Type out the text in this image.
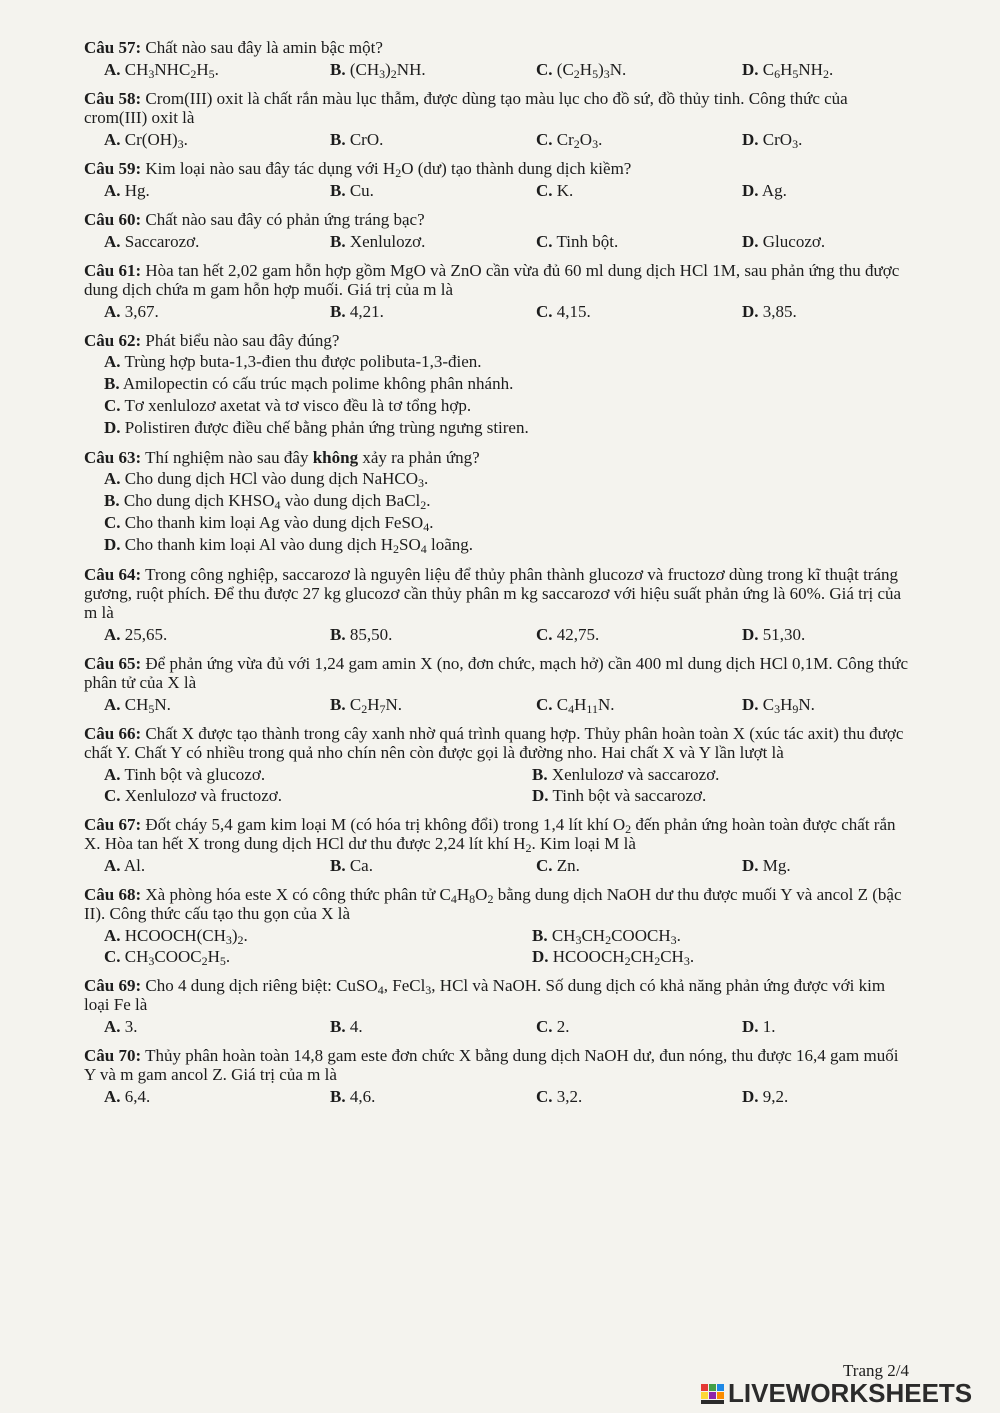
Câu 57: Chất nào sau đây là amin bậc một?

A. $CH_3NHC_2H_5$.	B. $(CH_3)_2NH$.	C. $(C_2H_5)_3N$.	D. $C_6H_5NH_2$.

Câu 58: Crom(III) oxit là chất rắn màu lục thẫm, được dùng tạo màu lục cho đồ sứ, đồ thủy tinh. Công thức của crom(III) oxit là

A. $Cr(OH)_3$.	B. CrO.	C. $Cr_2O_3$.	D. CrO$_3$.

Câu 59: Kim loại nào sau đây tác dụng với $H_2O$ (dư) tạo thành dung dịch kiềm?

A. Hg.	B. Cu.	C. K.	D. Ag.

Câu 60: Chất nào sau đây có phản ứng tráng bạc?

A. Saccarozơ.	B. Xenlulozơ.	C. Tinh bột.	D. Glucozơ.

Câu 61: Hòa tan hết 2,02 gam hỗn hợp gồm MgO và ZnO cần vừa đủ 60 ml dung dịch HCl 1M, sau phản ứng thu được dung dịch chứa m gam hỗn hợp muối. Giá trị của m là

A. 3,67.	B. 4,21.	C. 4,15.	D. 3,85.

Câu 62: Phát biểu nào sau đây đúng?

A. Trùng hợp buta-1,3-đien thu được polibuta-1,3-đien.
B. Amilopectin có cấu trúc mạch polime không phân nhánh.
C. Tơ xenlulozơ axetat và tơ visco đều là tơ tổng hợp.
D. Polistiren được điều chế bằng phản ứng trùng ngưng stiren.

Câu 63: Thí nghiệm nào sau đây không xảy ra phản ứng?

A. Cho dung dịch HCl vào dung dịch NaHCO$_3$.
B. Cho dung dịch $KHSO_4$ vào dung dịch BaCl$_2$.
C. Cho thanh kim loại Ag vào dung dịch FeSO$_4$.
D. Cho thanh kim loại Al vào dung dịch $H_2SO_4$ loãng.

Câu 64: Trong công nghiệp, saccarozơ là nguyên liệu để thủy phân thành glucozơ và fructozơ dùng trong kĩ thuật tráng gương, ruột phích. Để thu được 27 kg glucozơ cần thủy phân m kg saccarozơ với hiệu suất phản ứng là 60%. Giá trị của m là

A. 25,65.	B. 85,50.	C. 42,75.	D. 51,30.

Câu 65: Để phản ứng vừa đủ với 1,24 gam amin X (no, đơn chức, mạch hở) cần 400 ml dung dịch HCl 0,1M. Công thức phân tử của X là

A. $CH_5N$.	B. $C_2H_7N$.	C. $C_4H_{11}N$.	D. $C_3H_9N$.

Câu 66: Chất X được tạo thành trong cây xanh nhờ quá trình quang hợp. Thủy phân hoàn toàn X (xúc tác axit) thu được chất Y. Chất Y có nhiều trong quả nho chín nên còn được gọi là đường nho. Hai chất X và Y lần lượt là

A. Tinh bột và glucozơ.	B. Xenlulozơ và saccarozơ.
C. Xenlulozơ và fructozơ.	D. Tinh bột và saccarozơ.

Câu 67: Đốt cháy 5,4 gam kim loại M (có hóa trị không đổi) trong 1,4 lít khí $O_2$ đến phản ứng hoàn toàn được chất rắn X. Hòa tan hết X trong dung dịch HCl dư thu được 2,24 lít khí $H_2$. Kim loại M là

A. Al.	B. Ca.	C. Zn.	D. Mg.

Câu 68: Xà phòng hóa este X có công thức phân tử $C_4H_8O_2$ bằng dung dịch NaOH dư thu được muối Y và ancol Z (bậc II). Công thức cấu tạo thu gọn của X là

A. $HCOOCH(CH_3)_2$.	B. $CH_3CH_2COOCH_3$.
C. $CH_3COOC_2H_5$.	D. $HCOOCH_2CH_2CH_3$.

Câu 69: Cho 4 dung dịch riêng biệt: CuSO$_4$, FeCl$_3$, HCl và NaOH. Số dung dịch có khả năng phản ứng được với kim loại Fe là

A. 3.	B. 4.	C. 2.	D. 1.

Câu 70: Thủy phân hoàn toàn 14,8 gam este đơn chức X bằng dung dịch NaOH dư, đun nóng, thu được 16,4 gam muối Y và m gam ancol Z. Giá trị của m là

A. 6,4.	B. 4,6.	C. 3,2.	D. 9,2.
Trang 2/4
LIVEWORKSHEETS
